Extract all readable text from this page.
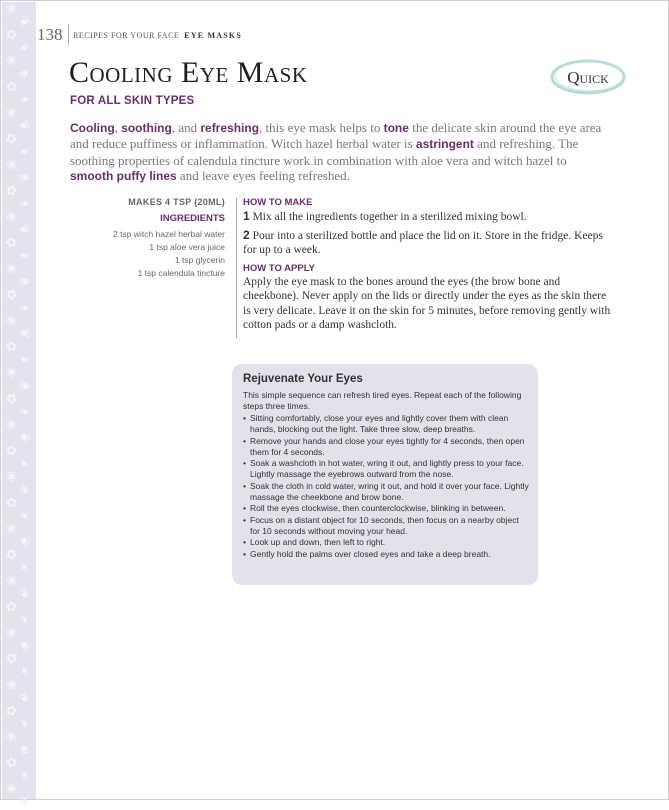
❀
❦
✿
❧
❀
❦
✿
❧
❀
❦
✿
❧
❀
❦
✿
❧
❀
❦
✿
❧
❀
❦
✿
❧
❀
❦
✿
❧
❀
❦
✿
❧
❀
❦
✿
❧
❀
❦
✿
❧
❀
❦
✿
❧
❀
❦
✿
❧
❀
❦
✿
❧
❀
❦
✿
❧
❀
❦
✿
❧
❀
❦
138 RECIPES FOR YOUR FACE EYE MASKS
Cooling Eye Mask
FOR ALL SKIN TYPES
Quick

Cooling, soothing, and refreshing, this eye mask helps to tone the delicate skin around the eye area and reduce puffiness or inflammation. Witch hazel herbal water is astringent and refreshing. The soothing properties of calendula tincture work in combination with aloe vera and witch hazel to smooth puffy lines and leave eyes feeling refreshed.

MAKES 4 TSP (20ML)
INGREDIENTS
2 tsp witch hazel herbal water
1 tsp aloe vera juice
1 tsp glycerin
1 tsp calendula tincture
HOW TO MAKE

1 Mix all the ingredients together in a sterilized mixing bowl.

2 Pour into a sterilized bottle and place the lid on it. Store in the fridge. Keeps for up to a week.

HOW TO APPLY

Apply the eye mask to the bones around the eyes (the brow bone and cheekbone). Never apply on the lids or directly under the eyes as the skin there is very delicate. Leave it on the skin for 5 minutes, before removing gently with cotton pads or a damp washcloth.

Rejuvenate Your Eyes
This simple sequence can refresh tired eyes. Repeat each of the following steps three times.
• Sitting comfortably, close your eyes and lightly cover them with clean hands, blocking out the light. Take three slow, deep breaths.
• Remove your hands and close your eyes tightly for 4 seconds, then open them for 4 seconds.
• Soak a washcloth in hot water, wring it out, and lightly press to your face. Lightly massage the eyebrows outward from the nose.
• Soak the cloth in cold water, wring it out, and hold it over your face. Lightly massage the cheekbone and brow bone.
• Roll the eyes clockwise, then counterclockwise, blinking in between.
• Focus on a distant object for 10 seconds, then focus on a nearby object for 10 seconds without moving your head.
• Look up and down, then left to right.
• Gently hold the palms over closed eyes and take a deep breath.
